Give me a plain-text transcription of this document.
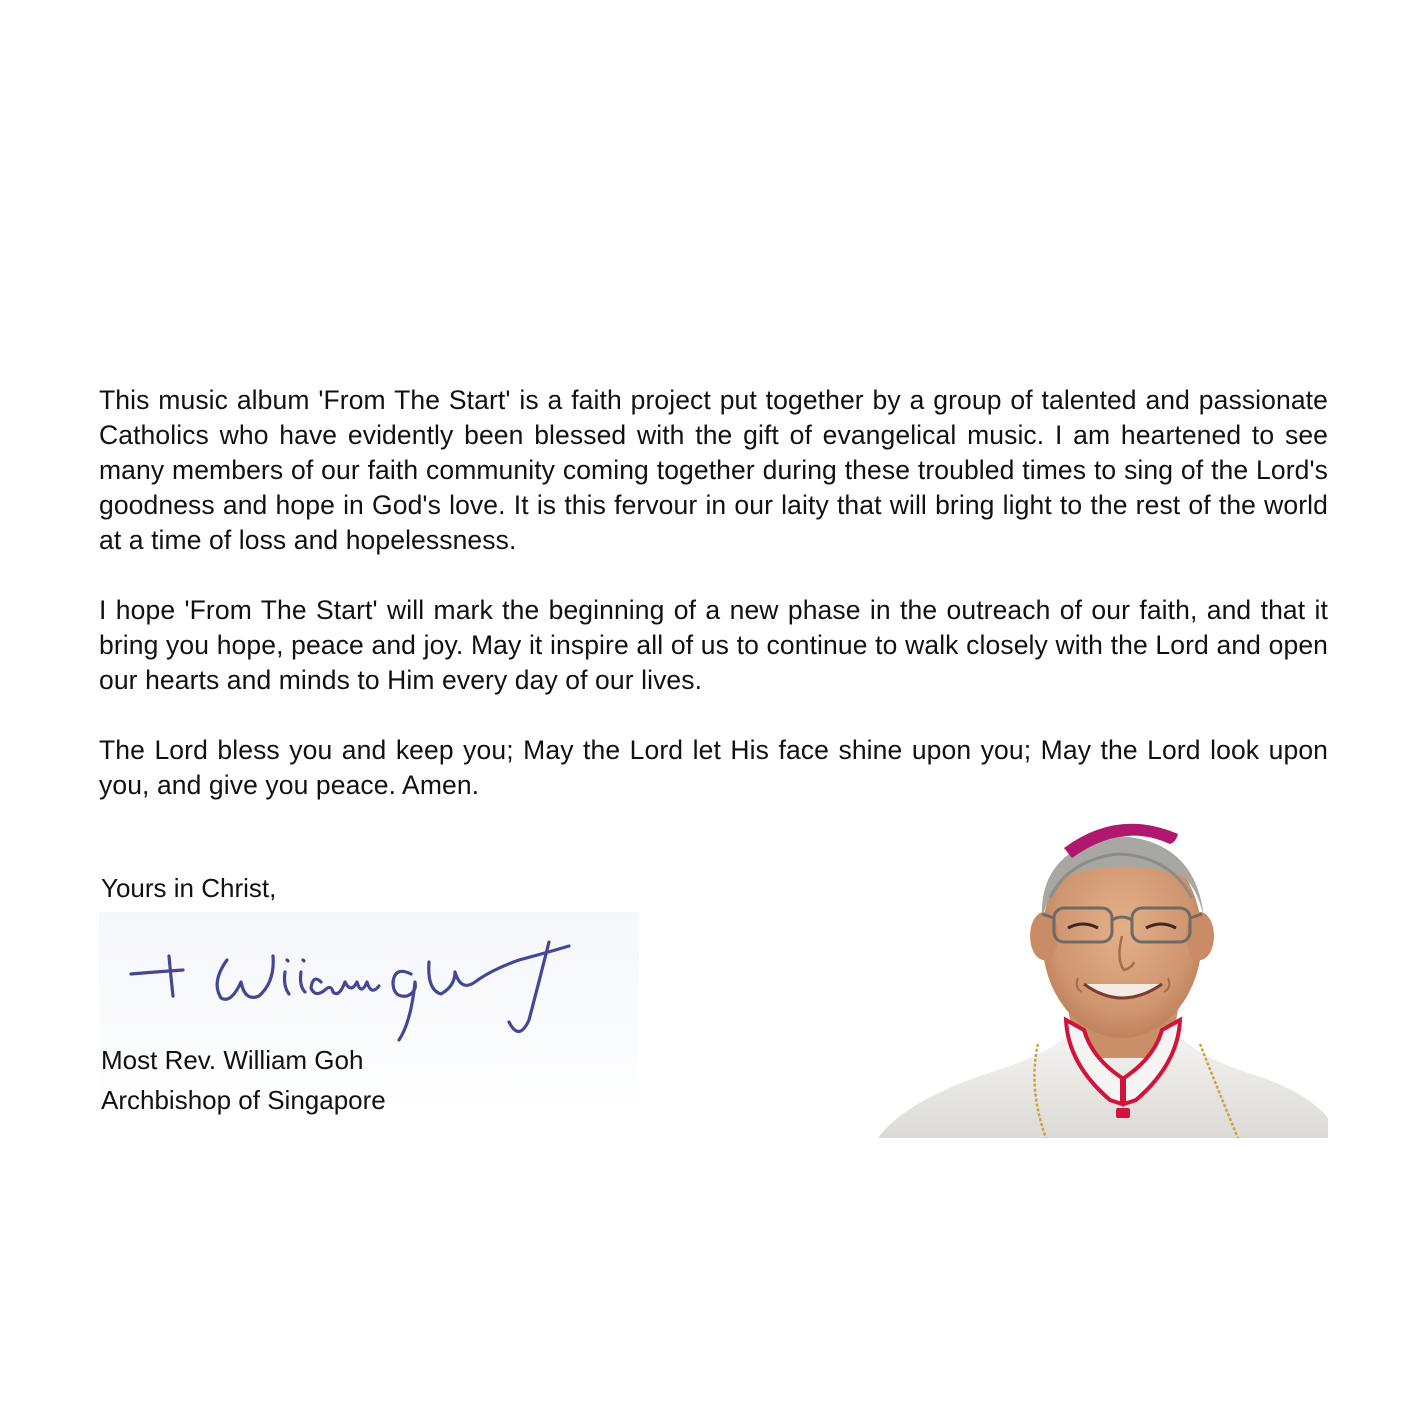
This music album 'From The Start' is a faith project put together by a group of talented and passionate Catholics who have evidently been blessed with the gift of evangelical music. I am heartened to see many members of our faith community coming together during these troubled times to sing of the Lord's goodness and hope in God's love. It is this fervour in our laity that will bring light to the rest of the world at a time of loss and hopelessness.

I hope 'From The Start' will mark the beginning of a new phase in the outreach of our faith, and that it bring you hope, peace and joy. May it inspire all of us to continue to walk closely with the Lord and open our hearts and minds to Him every day of our lives.

The Lord bless you and keep you; May the Lord let His face shine upon you; May the Lord look upon you, and give you peace. Amen.

Yours in Christ,

Most Rev. William Goh
Archbishop of Singapore
